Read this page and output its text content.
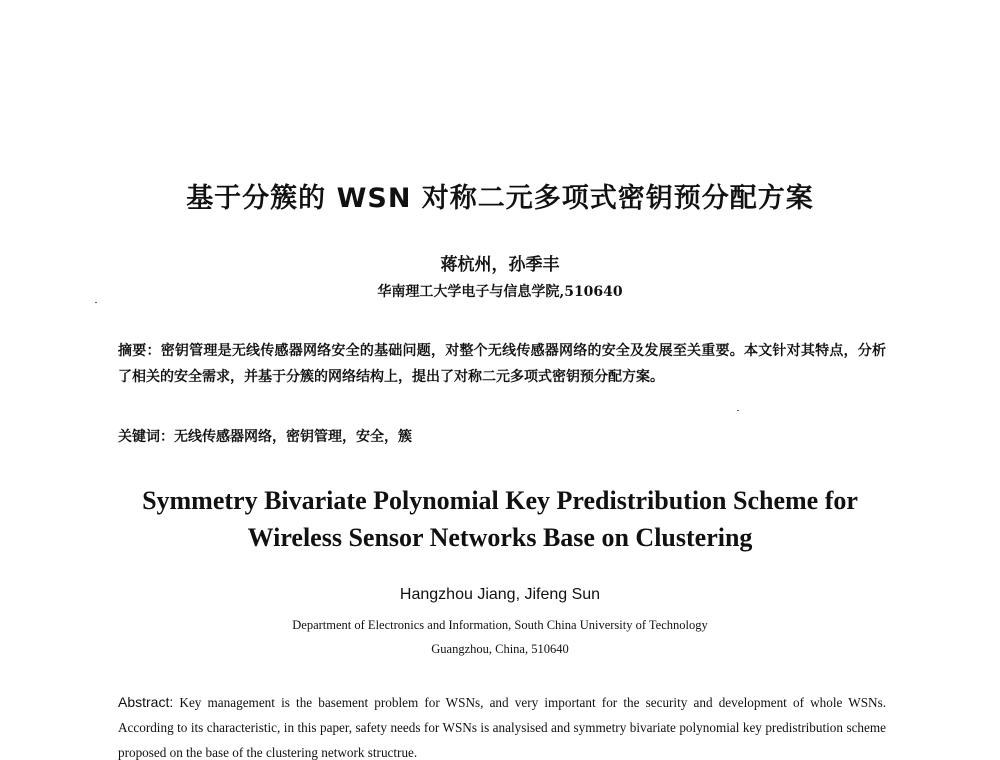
基于分簇的 WSN 对称二元多项式密钥预分配方案
蒋杭州，孙季丰
华南理工大学电子与信息学院,510640
摘要：密钥管理是无线传感器网络安全的基础问题，对整个无线传感器网络的安全及发展至关重要。本文针对其特点，分析了相关的安全需求，并基于分簇的网络结构上，提出了对称二元多项式密钥预分配方案。
关键词：无线传感器网络，密钥管理，安全，簇
Symmetry Bivariate Polynomial Key Predistribution Scheme for
Wireless Sensor Networks Base on Clustering
Hangzhou Jiang, Jifeng Sun
Department of Electronics and Information, South China University of Technology
Guangzhou, China, 510640
Abstract: Key management is the basement problem for WSNs, and very important for the security and development of whole WSNs. According to its characteristic, in this paper, safety needs for WSNs is analysised and symmetry bivariate polynomial key predistribution scheme proposed on the base of the clustering network structrue.
